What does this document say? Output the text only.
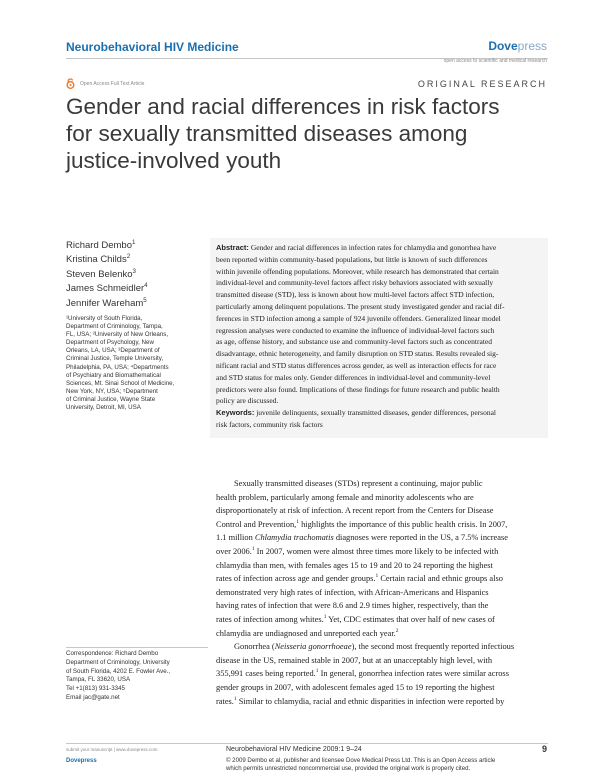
Neurobehavioral HIV Medicine	Dovepress
open access to scientific and medical research
Open Access Full Text Article	ORIGINAL RESEARCH
Gender and racial differences in risk factors
for sexually transmitted diseases among
justice-involved youth
Richard Dembo$^1$
Kristina Childs$^2$
Steven Belenko$^3$
James Schmeidler$^4$
Jennifer Wareham$^5$
¹University of South Florida,
Department of Criminology, Tampa,
FL, USA; ²University of New Orleans,
Department of Psychology, New
Orleans, LA, USA; ³Department of
Criminal Justice, Temple University,
Philadelphia, PA, USA; ⁴Departments
of Psychiatry and Biomathematical
Sciences, Mt. Sinai School of Medicine,
New York, NY, USA; ⁵Department
of Criminal Justice, Wayne State
University, Detroit, MI, USA
Abstract: Gender and racial differences in infection rates for chlamydia and gonorrhea have
been reported within community-based populations, but little is known of such differences
within juvenile offending populations. Moreover, while research has demonstrated that certain
individual-level and community-level factors affect risky behaviors associated with sexually
transmitted disease (STD), less is known about how multi-level factors affect STD infection,
particularly among delinquent populations. The present study investigated gender and racial dif-
ferences in STD infection among a sample of 924 juvenile offenders. Generalized linear model
regression analyses were conducted to examine the influence of individual-level factors such
as age, offense history, and substance use and community-level factors such as concentrated
disadvantage, ethnic heterogeneity, and family disruption on STD status. Results revealed sig-
nificant racial and STD status differences across gender, as well as interaction effects for race
and STD status for males only. Gender differences in individual-level and community-level
predictors were also found. Implications of these findings for future research and public health
policy are discussed.
Keywords: juvenile delinquents, sexually transmitted diseases, gender differences, personal
risk factors, community risk factors
Sexually transmitted diseases (STDs) represent a continuing, major public
health problem, particularly among female and minority adolescents who are
disproportionately at risk of infection. A recent report from the Centers for Disease
Control and Prevention,$^1$ highlights the importance of this public health crisis. In 2007,
1.1 million Chlamydia trachomatis diagnoses were reported in the US, a 7.5% increase
over 2006.$^1$ In 2007, women were almost three times more likely to be infected with
chlamydia than men, with females ages 15 to 19 and 20 to 24 reporting the highest
rates of infection across age and gender groups.$^1$ Certain racial and ethnic groups also
demonstrated very high rates of infection, with African-Americans and Hispanics
having rates of infection that were 8.6 and 2.9 times higher, respectively, than the
rates of infection among whites.$^1$ Yet, CDC estimates that over half of new cases of
chlamydia are undiagnosed and unreported each year.$^2$
Gonorrhea (Neisseria gonorrhoeae), the second most frequently reported infectious
disease in the US, remained stable in 2007, but at an unacceptably high level, with
355,991 cases being reported.$^1$ In general, gonorrhea infection rates were similar across
gender groups in 2007, with adolescent females aged 15 to 19 reporting the highest
rates.$^1$ Similar to chlamydia, racial and ethnic disparities in infection were reported by
Correspondence: Richard Dembo
Department of Criminology, University
of South Florida, 4202 E. Fowler Ave.,
Tampa, FL 33620, USA
Tel +1(813) 931-3345
Email jac@gate.net
submit your manuscript | www.dovepress.com
Dovepress
Neurobehavioral HIV Medicine 2009:1 9–24	9
© 2009 Dembo et al, publisher and licensee Dove Medical Press Ltd. This is an Open Access article
which permits unrestricted noncommercial use, provided the original work is properly cited.
